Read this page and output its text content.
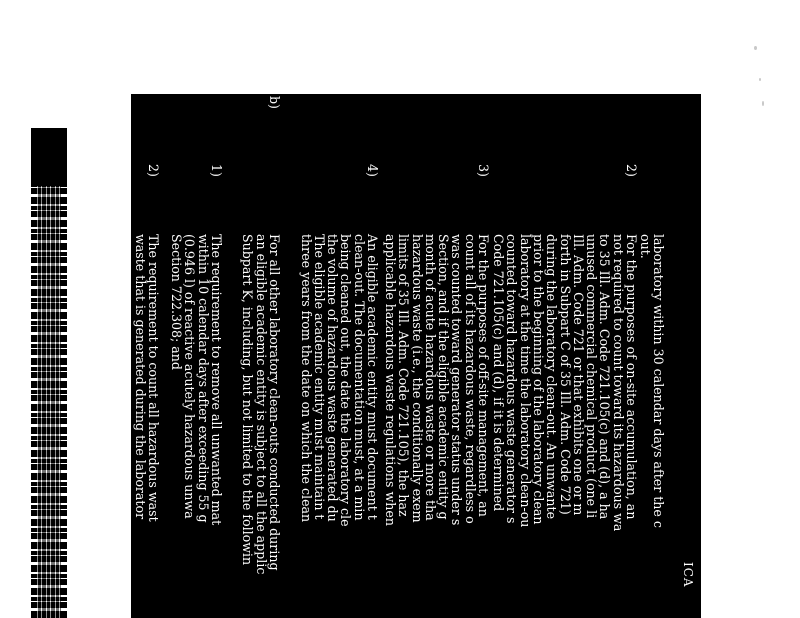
ICA
laboratory within 30 calendar days after the c
out.
2)
For the purposes of on-site accumulation, an
not required to count toward its hazardous wa
to 35 Ill. Adm. Code 721.105(c) and (d), a ha
unused commercial chemical product (one li
Ill. Adm. Code 721 or that exhibits one or m
forth in Subpart C of 35 Ill. Adm. Code 721)
during the laboratory clean-out. An unwante
prior to the beginning of the laboratory clean
laboratory at the time the laboratory clean-ou
counted toward hazardous waste generator s
Code 721.105(c) and (d), if it is determined
3)
For the purposes of off-site management, an
count all of its hazardous waste, regardless o
was counted toward generator status under s
Section, and if the eligible academic entity g
month of acute hazardous waste or more tha
hazardous waste (i.e., the conditionally exem
limits of 35 Ill. Adm. Code 721.105), the haz
applicable hazardous waste regulations when
4)
An eligible academic entity must document t
clean-out. The documentation must, at a min
being cleaned out, the date the laboratory cle
the volume of hazardous waste generated du
The eligible academic entity must maintain t
three years from the date on which the clean
b)
For all other laboratory clean-outs conducted during
an eligible academic entity is subject to all the applic
Subpart K, including, but not limited to the followin
1)
The requirement to remove all unwanted mat
within 10 calendar days after exceeding 55 g
(0.946 l) of reactive acutely hazardous unwa
Section 722.308; and
2)
The requirement to count all hazardous wast
waste that is generated during the laborator
